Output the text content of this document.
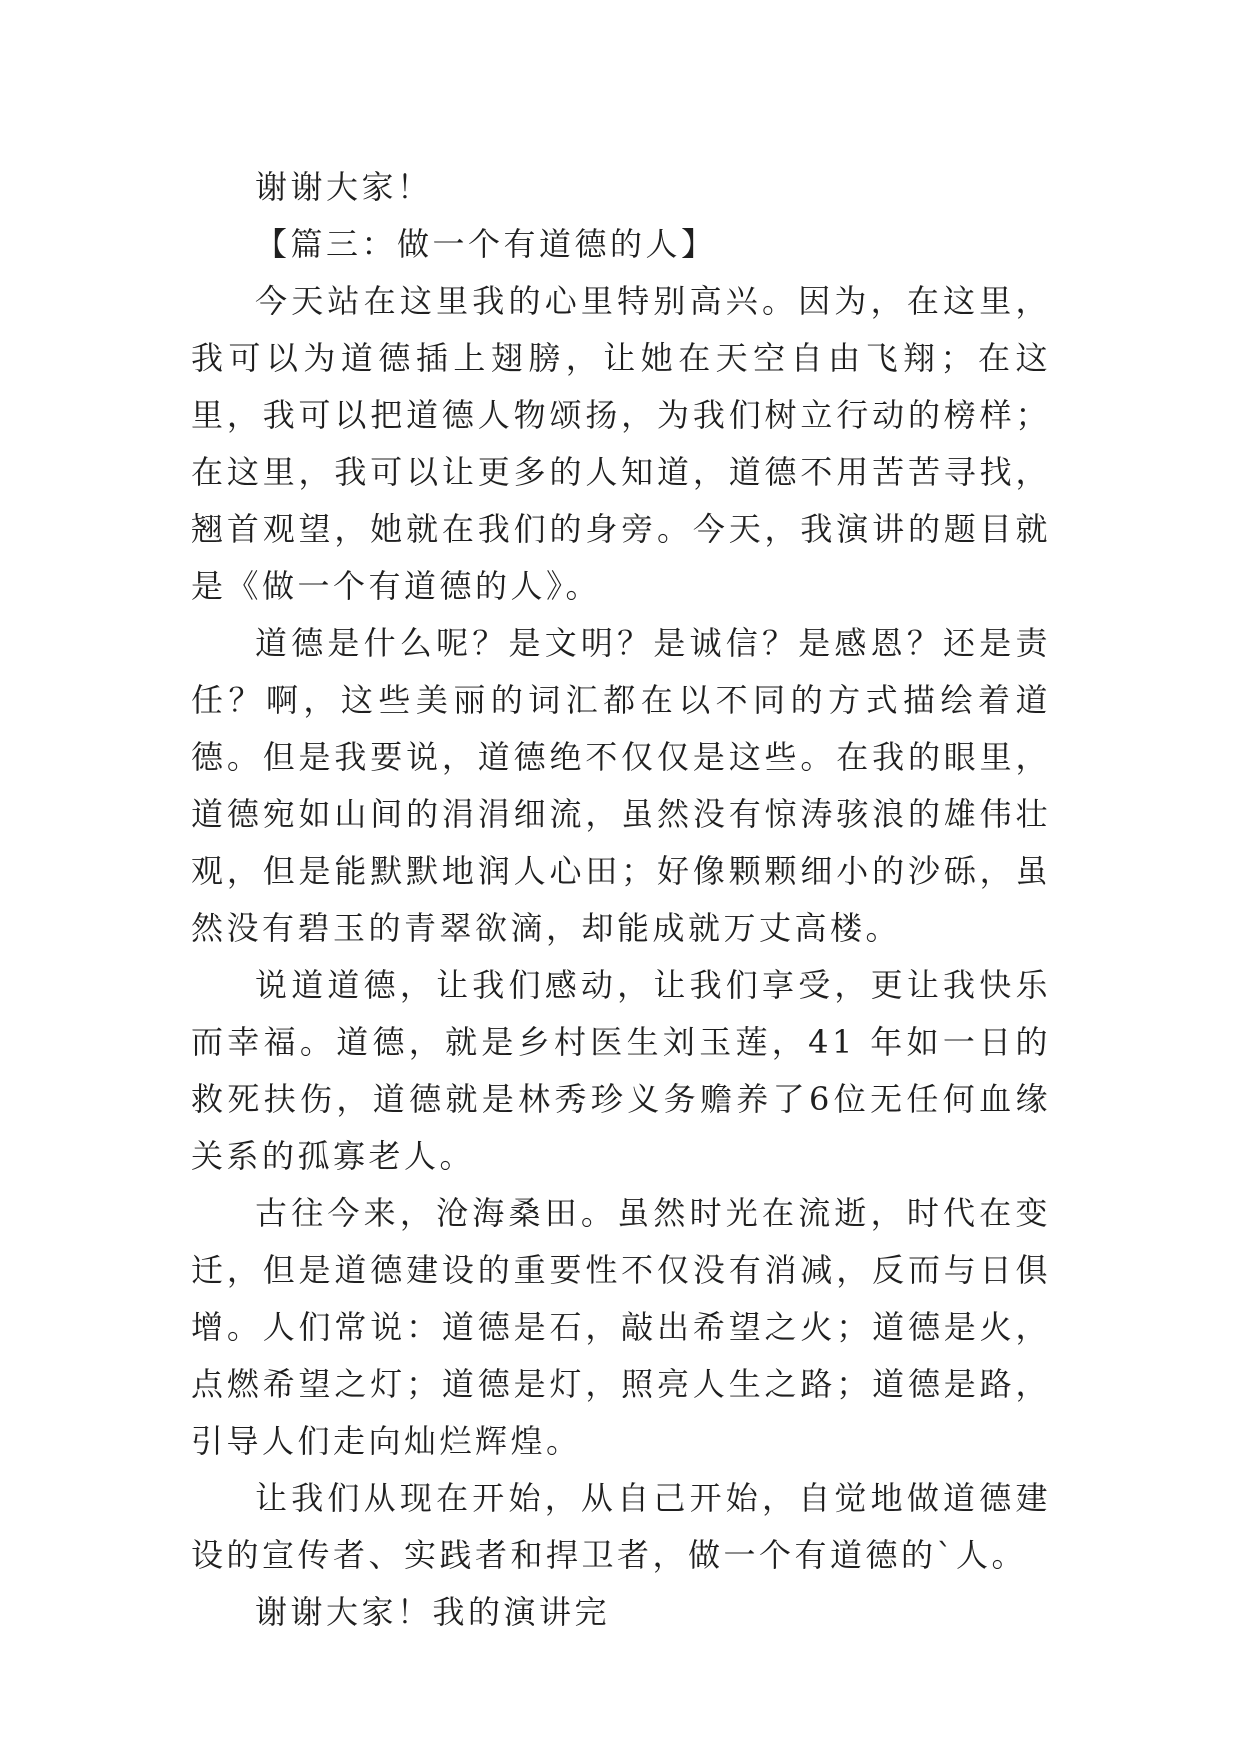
谢谢大家！

【篇三：做一个有道德的人】

今天站在这里我的心里特别高兴。因为，在这里，我可以为道德插上翅膀，让她在天空自由飞翔；在这里，我可以把道德人物颂扬，为我们树立行动的榜样；在这里，我可以让更多的人知道，道德不用苦苦寻找，翘首观望，她就在我们的身旁。今天，我演讲的题目就是《做一个有道德的人》。

道德是什么呢？是文明？是诚信？是感恩？还是责任？啊，这些美丽的词汇都在以不同的方式描绘着道德。但是我要说，道德绝不仅仅是这些。在我的眼里，道德宛如山间的涓涓细流，虽然没有惊涛骇浪的雄伟壮观，但是能默默地润人心田；好像颗颗细小的沙砾，虽然没有碧玉的青翠欲滴，却能成就万丈高楼。

说道道德，让我们感动，让我们享受，更让我快乐而幸福。道德，就是乡村医生刘玉莲，41 年如一日的救死扶伤，道德就是林秀珍义务赡养了6位无任何血缘关系的孤寡老人。

古往今来，沧海桑田。虽然时光在流逝，时代在变迁，但是道德建设的重要性不仅没有消减，反而与日俱增。人们常说：道德是石，敲出希望之火；道德是火，点燃希望之灯；道德是灯，照亮人生之路；道德是路，引导人们走向灿烂辉煌。

让我们从现在开始，从自己开始，自觉地做道德建设的宣传者、实践者和捍卫者，做一个有道德的`人。

谢谢大家！我的演讲完
